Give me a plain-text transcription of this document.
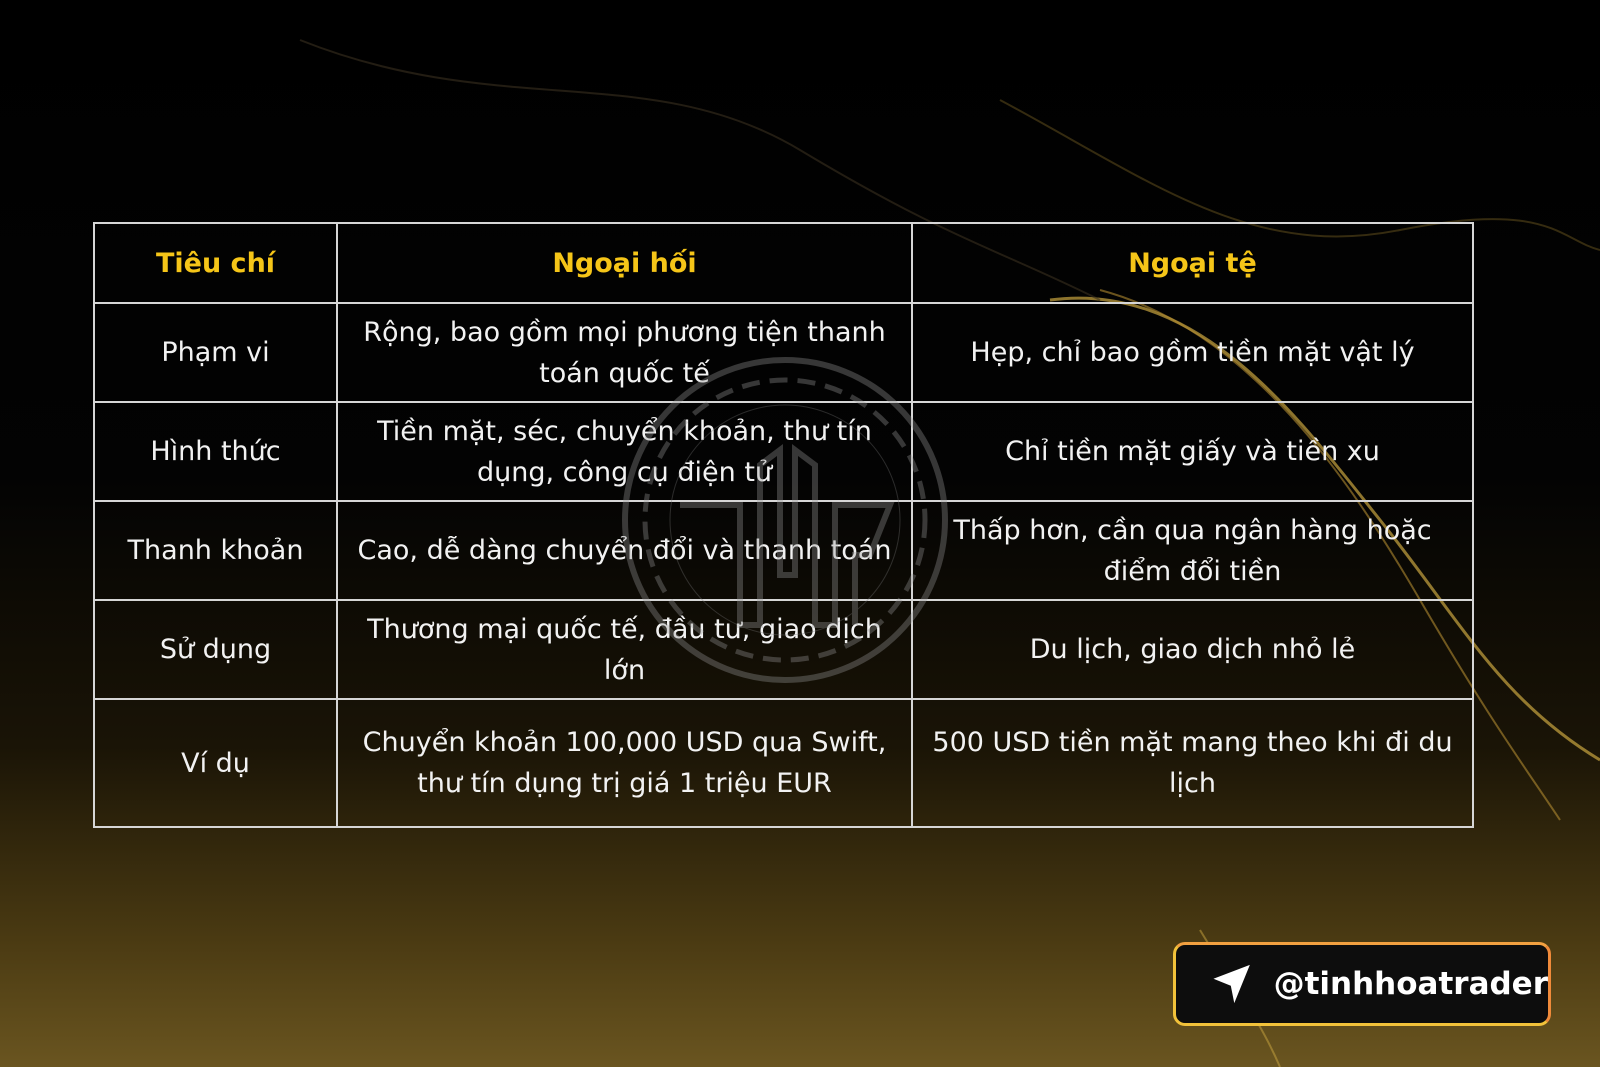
Tiêu chí	Ngoại hối	Ngoại tệ
Phạm vi	Rộng, bao gồm mọi phương tiện thanh toán quốc tế	Hẹp, chỉ bao gồm tiền mặt vật lý
Hình thức	Tiền mặt, séc, chuyển khoản, thư tín dụng, công cụ điện tử	Chỉ tiền mặt giấy và tiền xu
Thanh khoản	Cao, dễ dàng chuyển đổi và thanh toán	Thấp hơn, cần qua ngân hàng hoặc điểm đổi tiền
Sử dụng	Thương mại quốc tế, đầu tư, giao dịch lớn	Du lịch, giao dịch nhỏ lẻ
Ví dụ	Chuyển khoản 100,000 USD qua Swift, thư tín dụng trị giá 1 triệu EUR	500 USD tiền mặt mang theo khi đi du lịch
@tinhhoatrader
